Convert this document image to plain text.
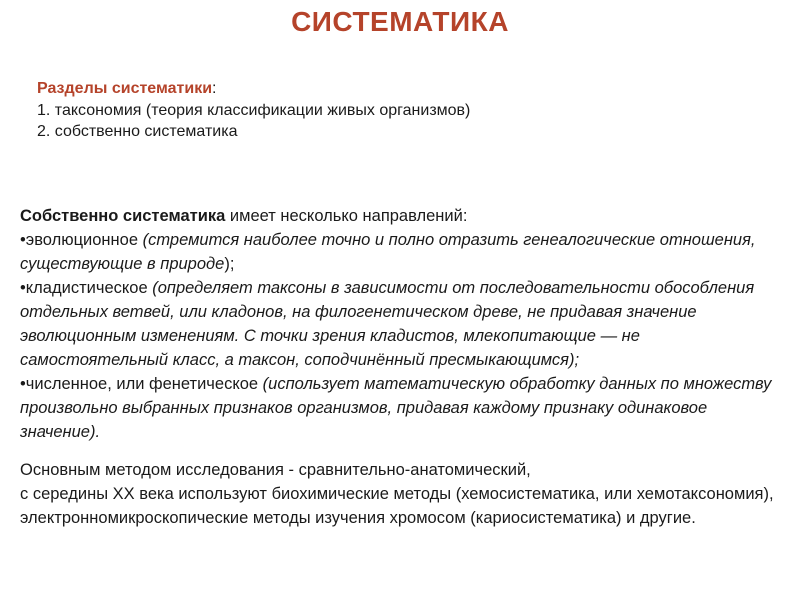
СИСТЕМАТИКА
Разделы систематики:
1. таксономия (теория классификации живых организмов)
2. собственно систематика

Собственно систематика имеет несколько направлений:

•эволюционное (стремится наиболее точно и полно отразить генеалогические отношения, существующие в природе);

•кладистическое (определяет таксоны в зависимости от последовательности обособления отдельных ветвей, или кладонов, на филогенетическом древе, не придавая значение эволюционным изменениям. С точки зрения кладистов, млекопитающие — не самостоятельный класс, а таксон, соподчинённый пресмыкающимся);

•численное, или фенетическое (использует математическую обработку данных по множеству произвольно выбранных признаков организмов, придавая каждому признаку одинаковое значение).

Основным методом исследования - сравнительно-анатомический,

с середины XX века используют биохимические методы (хемосистематика, или хемотаксономия), электронномикроскопические методы изучения хромосом (кариосистематика) и другие.
